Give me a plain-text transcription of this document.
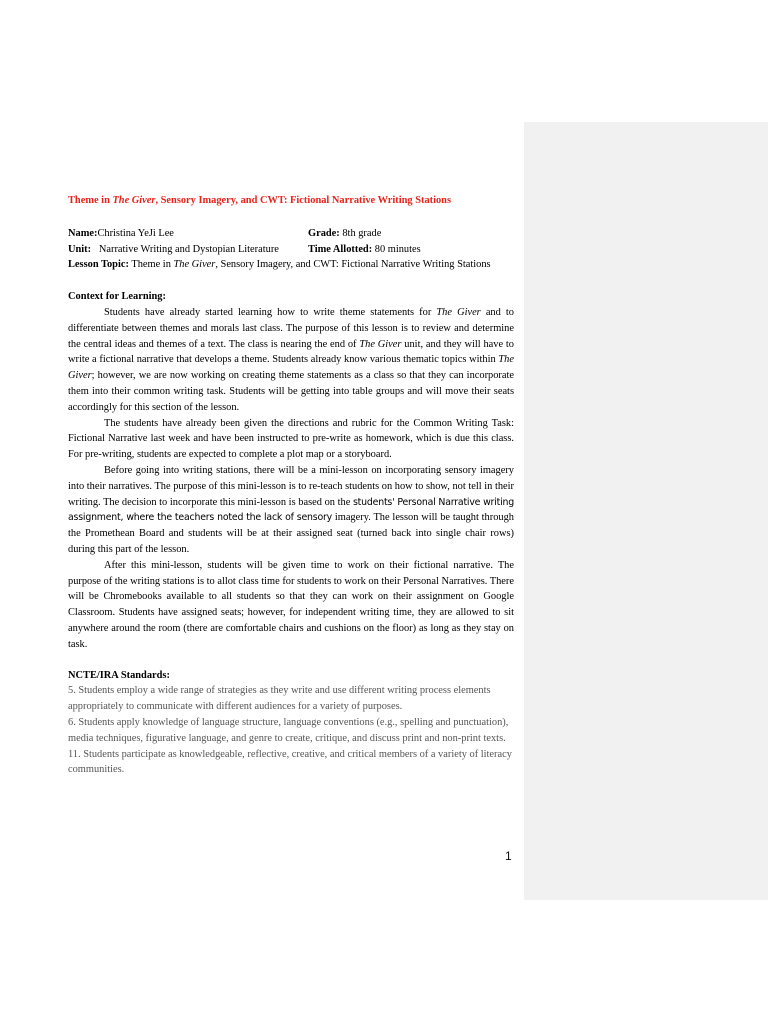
Theme in The Giver, Sensory Imagery, and CWT: Fictional Narrative Writing Stations
Name:Christina YeJi Lee	Grade: 8th grade
Unit: Narrative Writing and Dystopian Literature	Time Allotted: 80 minutes
Lesson Topic: Theme in The Giver, Sensory Imagery, and CWT: Fictional Narrative Writing Stations
Context for Learning:

Students have already started learning how to write theme statements for The Giver and to differentiate between themes and morals last class. The purpose of this lesson is to review and determine the central ideas and themes of a text. The class is nearing the end of The Giver unit, and they will have to write a fictional narrative that develops a theme. Students already know various thematic topics within The Giver; however, we are now working on creating theme statements as a class so that they can incorporate them into their common writing task. Students will be getting into table groups and will move their seats accordingly for this section of the lesson.

The students have already been given the directions and rubric for the Common Writing Task: Fictional Narrative last week and have been instructed to pre-write as homework, which is due this class. For pre-writing, students are expected to complete a plot map or a storyboard.

Before going into writing stations, there will be a mini-lesson on incorporating sensory imagery into their narratives. The purpose of this mini-lesson is to re-teach students on how to show, not tell in their writing. The decision to incorporate this mini-lesson is based on the students' Personal Narrative writing assignment, where the teachers noted the lack of sensory imagery. The lesson will be taught through the Promethean Board and students will be at their assigned seat (turned back into single chair rows) during this part of the lesson.

After this mini-lesson, students will be given time to work on their fictional narrative. The purpose of the writing stations is to allot class time for students to work on their Personal Narratives. There will be Chromebooks available to all students so that they can work on their assignment on Google Classroom. Students have assigned seats; however, for independent writing time, they are allowed to sit anywhere around the room (there are comfortable chairs and cushions on the floor) as long as they stay on task.

NCTE/IRA Standards:

5. Students employ a wide range of strategies as they write and use different writing process elements appropriately to communicate with different audiences for a variety of purposes.

6. Students apply knowledge of language structure, language conventions (e.g., spelling and punctuation), media techniques, figurative language, and genre to create, critique, and discuss print and non-print texts.

11. Students participate as knowledgeable, reflective, creative, and critical members of a variety of literacy communities.

1
